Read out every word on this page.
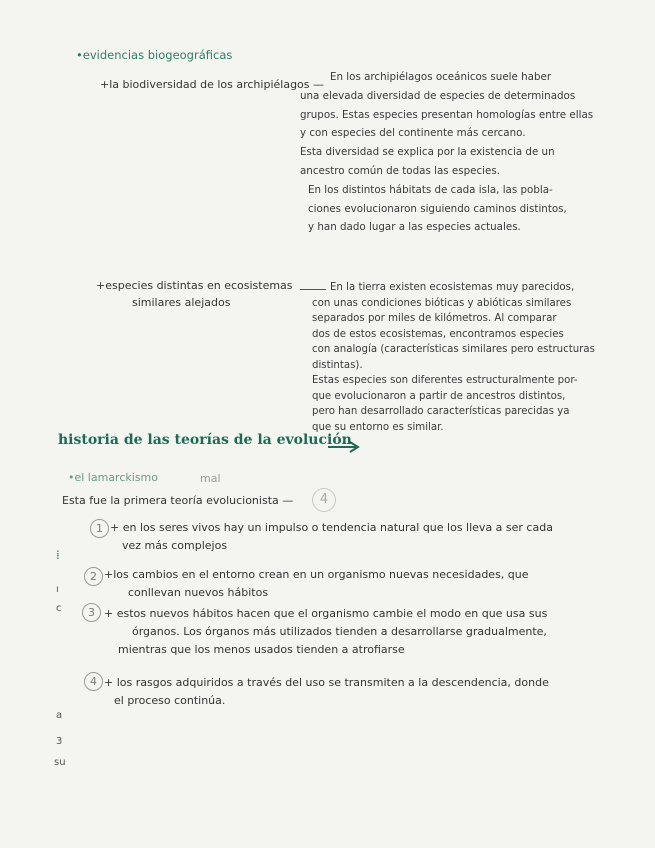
•evidencias biogeográficas
+la biodiversidad de los archipiélagos —
En los archipiélagos oceánicos suele haber
una elevada diversidad de especies de determinados
grupos. Estas especies presentan homologías entre ellas
y con especies del continente más cercano.
Esta diversidad se explica por la existencia de un
ancestro común de todas las especies.
En los distintos hábitats de cada isla, las pobla-
ciones evolucionaron siguiendo caminos distintos,
y han dado lugar a las especies actuales.
+especies distintas en ecosistemas
similares alejados
En la tierra existen ecosistemas muy parecidos,
con unas condiciones bióticas y abióticas similares
separados por miles de kilómetros. Al comparar
dos de estos ecosistemas, encontramos especies
con analogía (características similares pero estructuras
distintas).
Estas especies son diferentes estructuralmente por-
que evolucionaron a partir de ancestros distintos,
pero han desarrollado características parecidas ya
que su entorno es similar.
historia de las teorías de la evolución
•el lamarckismo	mal
Esta fue la primera teoría evolucionista —	4
1 + en los seres vivos hay un impulso o tendencia natural que los lleva a ser cada
vez más complejos
2 +los cambios en el entorno crean en un organismo nuevas necesidades, que
conllevan nuevos hábitos
3 + estos nuevos hábitos hacen que el organismo cambie el modo en que usa sus
órganos. Los órganos más utilizados tienden a desarrollarse gradualmente,
mientras que los menos usados tienden a atrofiarse
4 + los rasgos adquiridos a través del uso se transmiten a la descendencia, donde
el proceso continúa.
⁞
a
3
su
c
ı
